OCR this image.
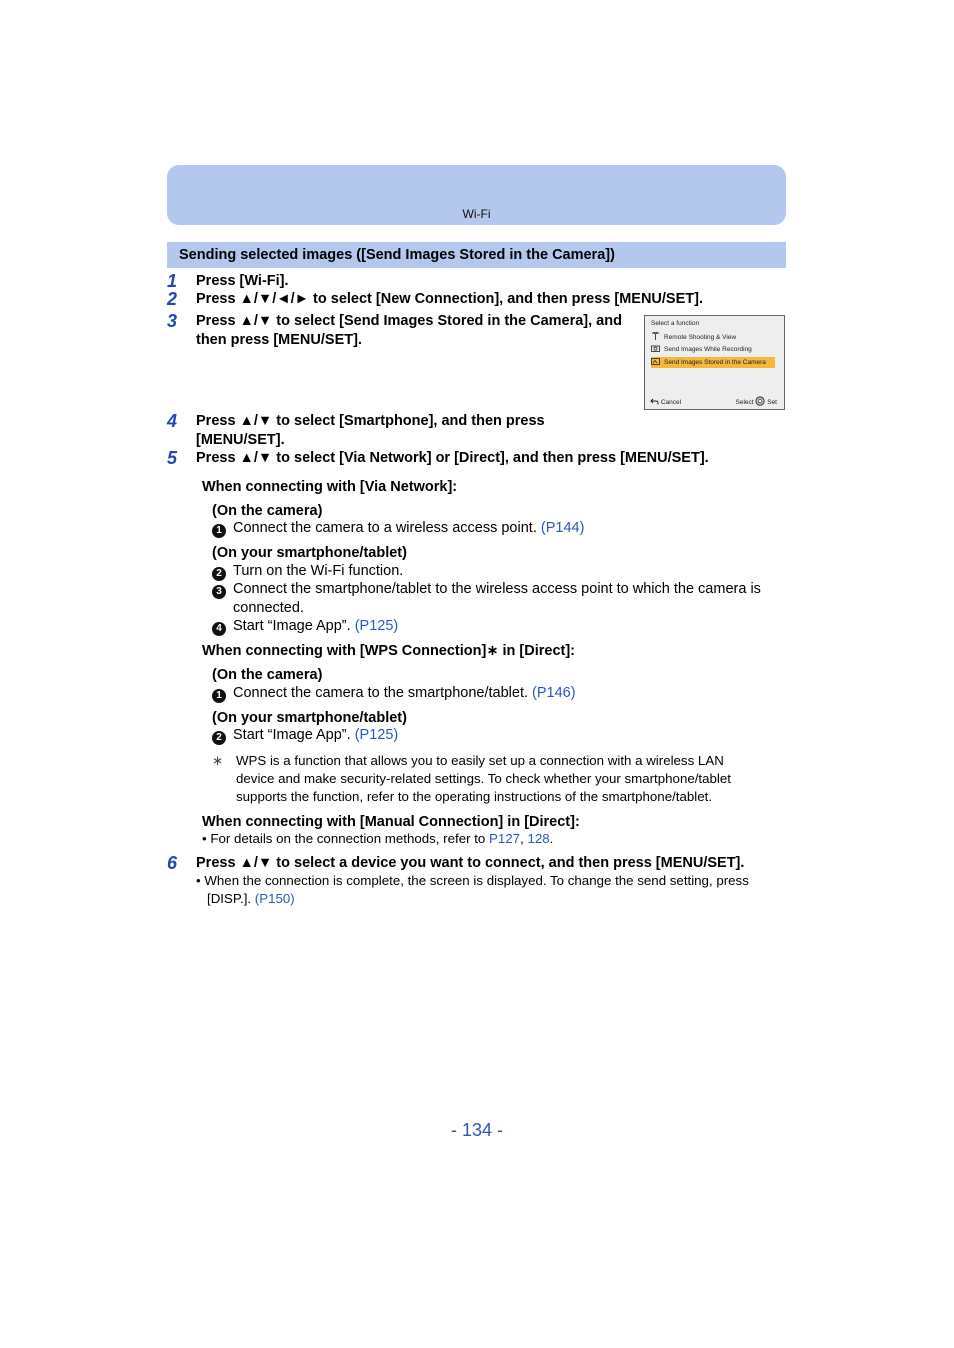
Wi-Fi
Sending selected images ([Send Images Stored in the Camera])
1	Press [Wi-Fi].
2	Press ▲/▼/◄/► to select [New Connection], and then press [MENU/SET].
3	Press ▲/▼ to select [Send Images Stored in the Camera], and
then press [MENU/SET].
Select a function
Remote Shooting & View
Send Images While Recording
Send Images Stored in the Camera
Cancel	Select Set
4	Press ▲/▼ to select [Smartphone], and then press
[MENU/SET].
5	Press ▲/▼ to select [Via Network] or [Direct], and then press [MENU/SET].
When connecting with [Via Network]:
(On the camera)
1 Connect the camera to a wireless access point. (P144)
(On your smartphone/tablet)
2 Turn on the Wi-Fi function.
3 Connect the smartphone/tablet to the wireless access point to which the camera is
connected.
4 Start “Image App”. (P125)
When connecting with [WPS Connection]∗ in [Direct]:
(On the camera)
1 Connect the camera to the smartphone/tablet. (P146)
(On your smartphone/tablet)
2 Start “Image App”. (P125)
∗ WPS is a function that allows you to easily set up a connection with a wireless LAN
device and make security-related settings. To check whether your smartphone/tablet
supports the function, refer to the operating instructions of the smartphone/tablet.
When connecting with [Manual Connection] in [Direct]:
• For details on the connection methods, refer to P127, 128.
6	Press ▲/▼ to select a device you want to connect, and then press [MENU/SET].
• When the connection is complete, the screen is displayed. To change the send setting, press
[DISP.]. (P150)
- 134 -
